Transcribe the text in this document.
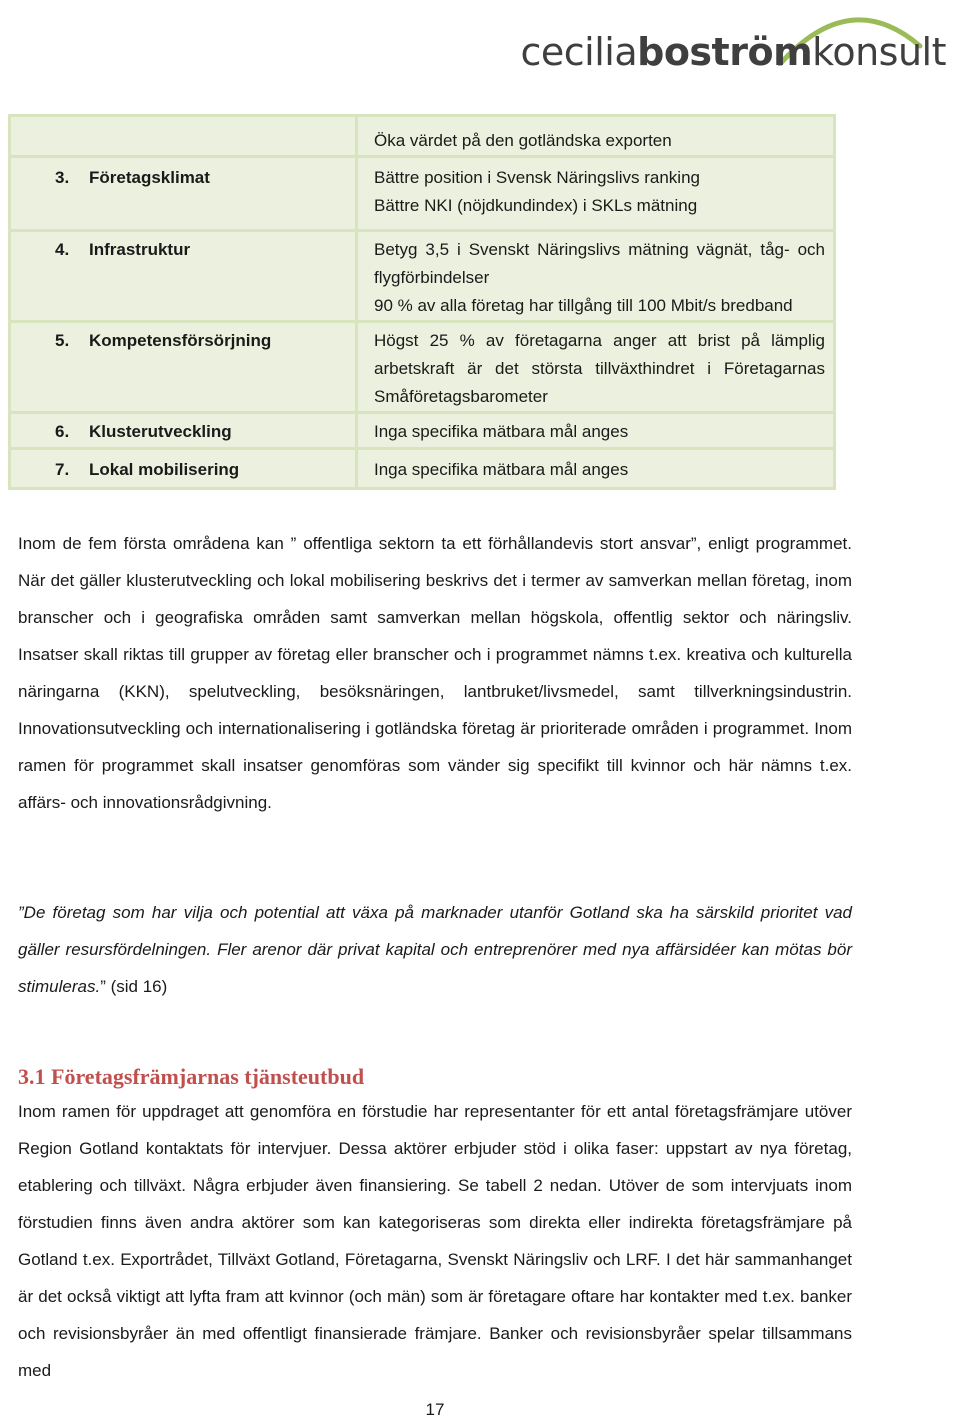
ceciliaboströmkonsult

	Öka värdet på den gotländska exporten

3. Företagsklimat	Bättre position i Svensk Näringslivs ranking
Bättre NKI (nöjdkundindex) i SKLs mätning

4. Infrastruktur	Betyg 3,5 i Svenskt Näringslivs mätning vägnät, tåg- och flygförbindelser
90 % av alla företag har tillgång till 100 Mbit/s bredband

5. Kompetensförsörjning	Högst 25 % av företagarna anger att brist på lämplig arbetskraft är det största tillväxthindret i Företagarnas Småföretagsbarometer

6. Klusterutveckling	Inga specifika mätbara mål anges

7. Lokal mobilisering	Inga specifika mätbara mål anges
Inom de fem första områdena kan ” offentliga sektorn ta ett förhållandevis stort ansvar”, enligt programmet. När det gäller klusterutveckling och lokal mobilisering beskrivs det i termer av samverkan mellan företag, inom branscher och i geografiska områden samt samverkan mellan högskola, offentlig sektor och näringsliv. Insatser skall riktas till grupper av företag eller branscher och i programmet nämns t.ex. kreativa och kulturella näringarna (KKN), spelutveckling, besöksnäringen, lantbruket/livsmedel, samt tillverkningsindustrin. Innovationsutveckling och internationalisering i gotländska företag är prioriterade områden i programmet. Inom ramen för programmet skall insatser genomföras som vänder sig specifikt till kvinnor och här nämns t.ex. affärs- och innovationsrådgivning.
”De företag som har vilja och potential att växa på marknader utanför Gotland ska ha särskild prioritet vad gäller resursfördelningen. Fler arenor där privat kapital och entreprenörer med nya affärsidéer kan mötas bör stimuleras.” (sid 16)
3.1 Företagsfrämjarnas tjänsteutbud
Inom ramen för uppdraget att genomföra en förstudie har representanter för ett antal företagsfrämjare utöver Region Gotland kontaktats för intervjuer. Dessa aktörer erbjuder stöd i olika faser: uppstart av nya företag, etablering och tillväxt. Några erbjuder även finansiering. Se tabell 2 nedan. Utöver de som intervjuats inom förstudien finns även andra aktörer som kan kategoriseras som direkta eller indirekta företagsfrämjare på Gotland t.ex. Exportrådet, Tillväxt Gotland, Företagarna, Svenskt Näringsliv och LRF. I det här sammanhanget är det också viktigt att lyfta fram att kvinnor (och män) som är företagare oftare har kontakter med t.ex. banker och revisionsbyråer än med offentligt finansierade främjare. Banker och revisionsbyråer spelar tillsammans med
17
